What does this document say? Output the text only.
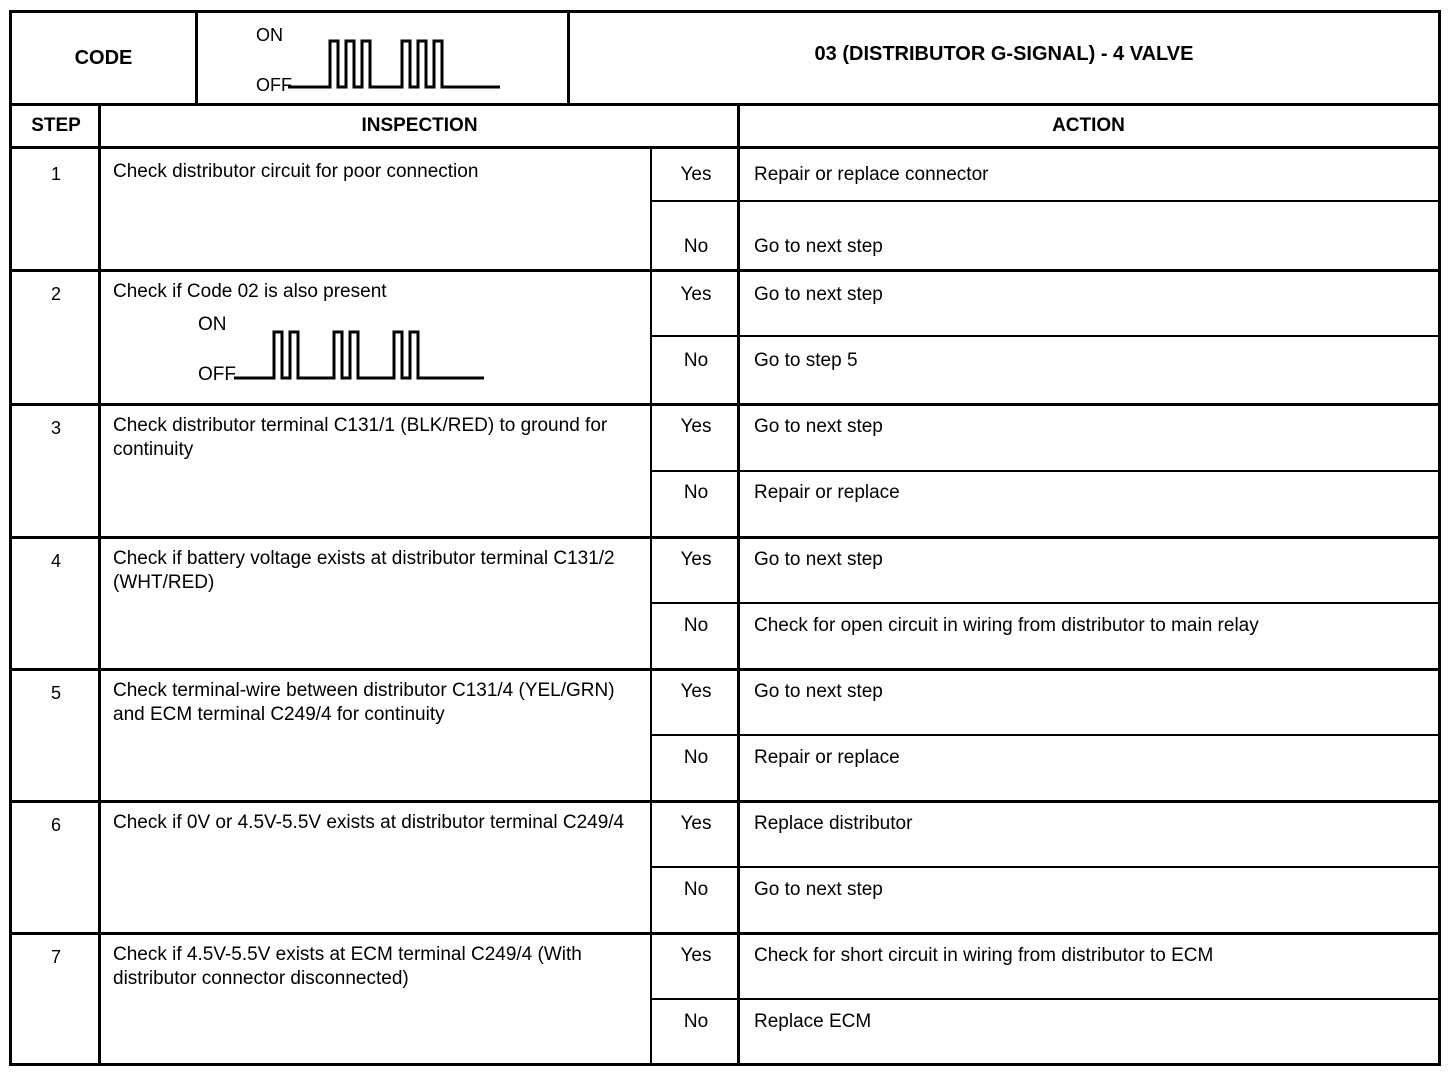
CODE
ON
OFF
03 (DISTRIBUTOR G-SIGNAL) - 4 VALVE
STEP	INSPECTION	ACTION
1	Check distributor circuit for poor connection	Yes	Repair or replace connector
No	Go to next step
2	Check if Code 02 is also present
ON
OFF
Yes	Go to next step
No	Go to step 5
3	Check distributor terminal C131/1 (BLK/RED) to ground for continuity
Yes	Go to next step
No	Repair or replace
4	Check if battery voltage exists at distributor terminal C131/2 (WHT/RED)
Yes	Go to next step
No	Check for open circuit in wiring from distributor to main relay
5	Check terminal-wire between distributor C131/4 (YEL/GRN) and ECM terminal C249/4 for continuity
Yes	Go to next step
No	Repair or replace
6	Check if 0V or 4.5V-5.5V exists at distributor terminal C249/4	Yes	Replace distributor
No	Go to next step
7	Check if 4.5V-5.5V exists at ECM terminal C249/4 (With distributor connector disconnected)
Yes	Check for short circuit in wiring from distributor to ECM
No	Replace ECM
